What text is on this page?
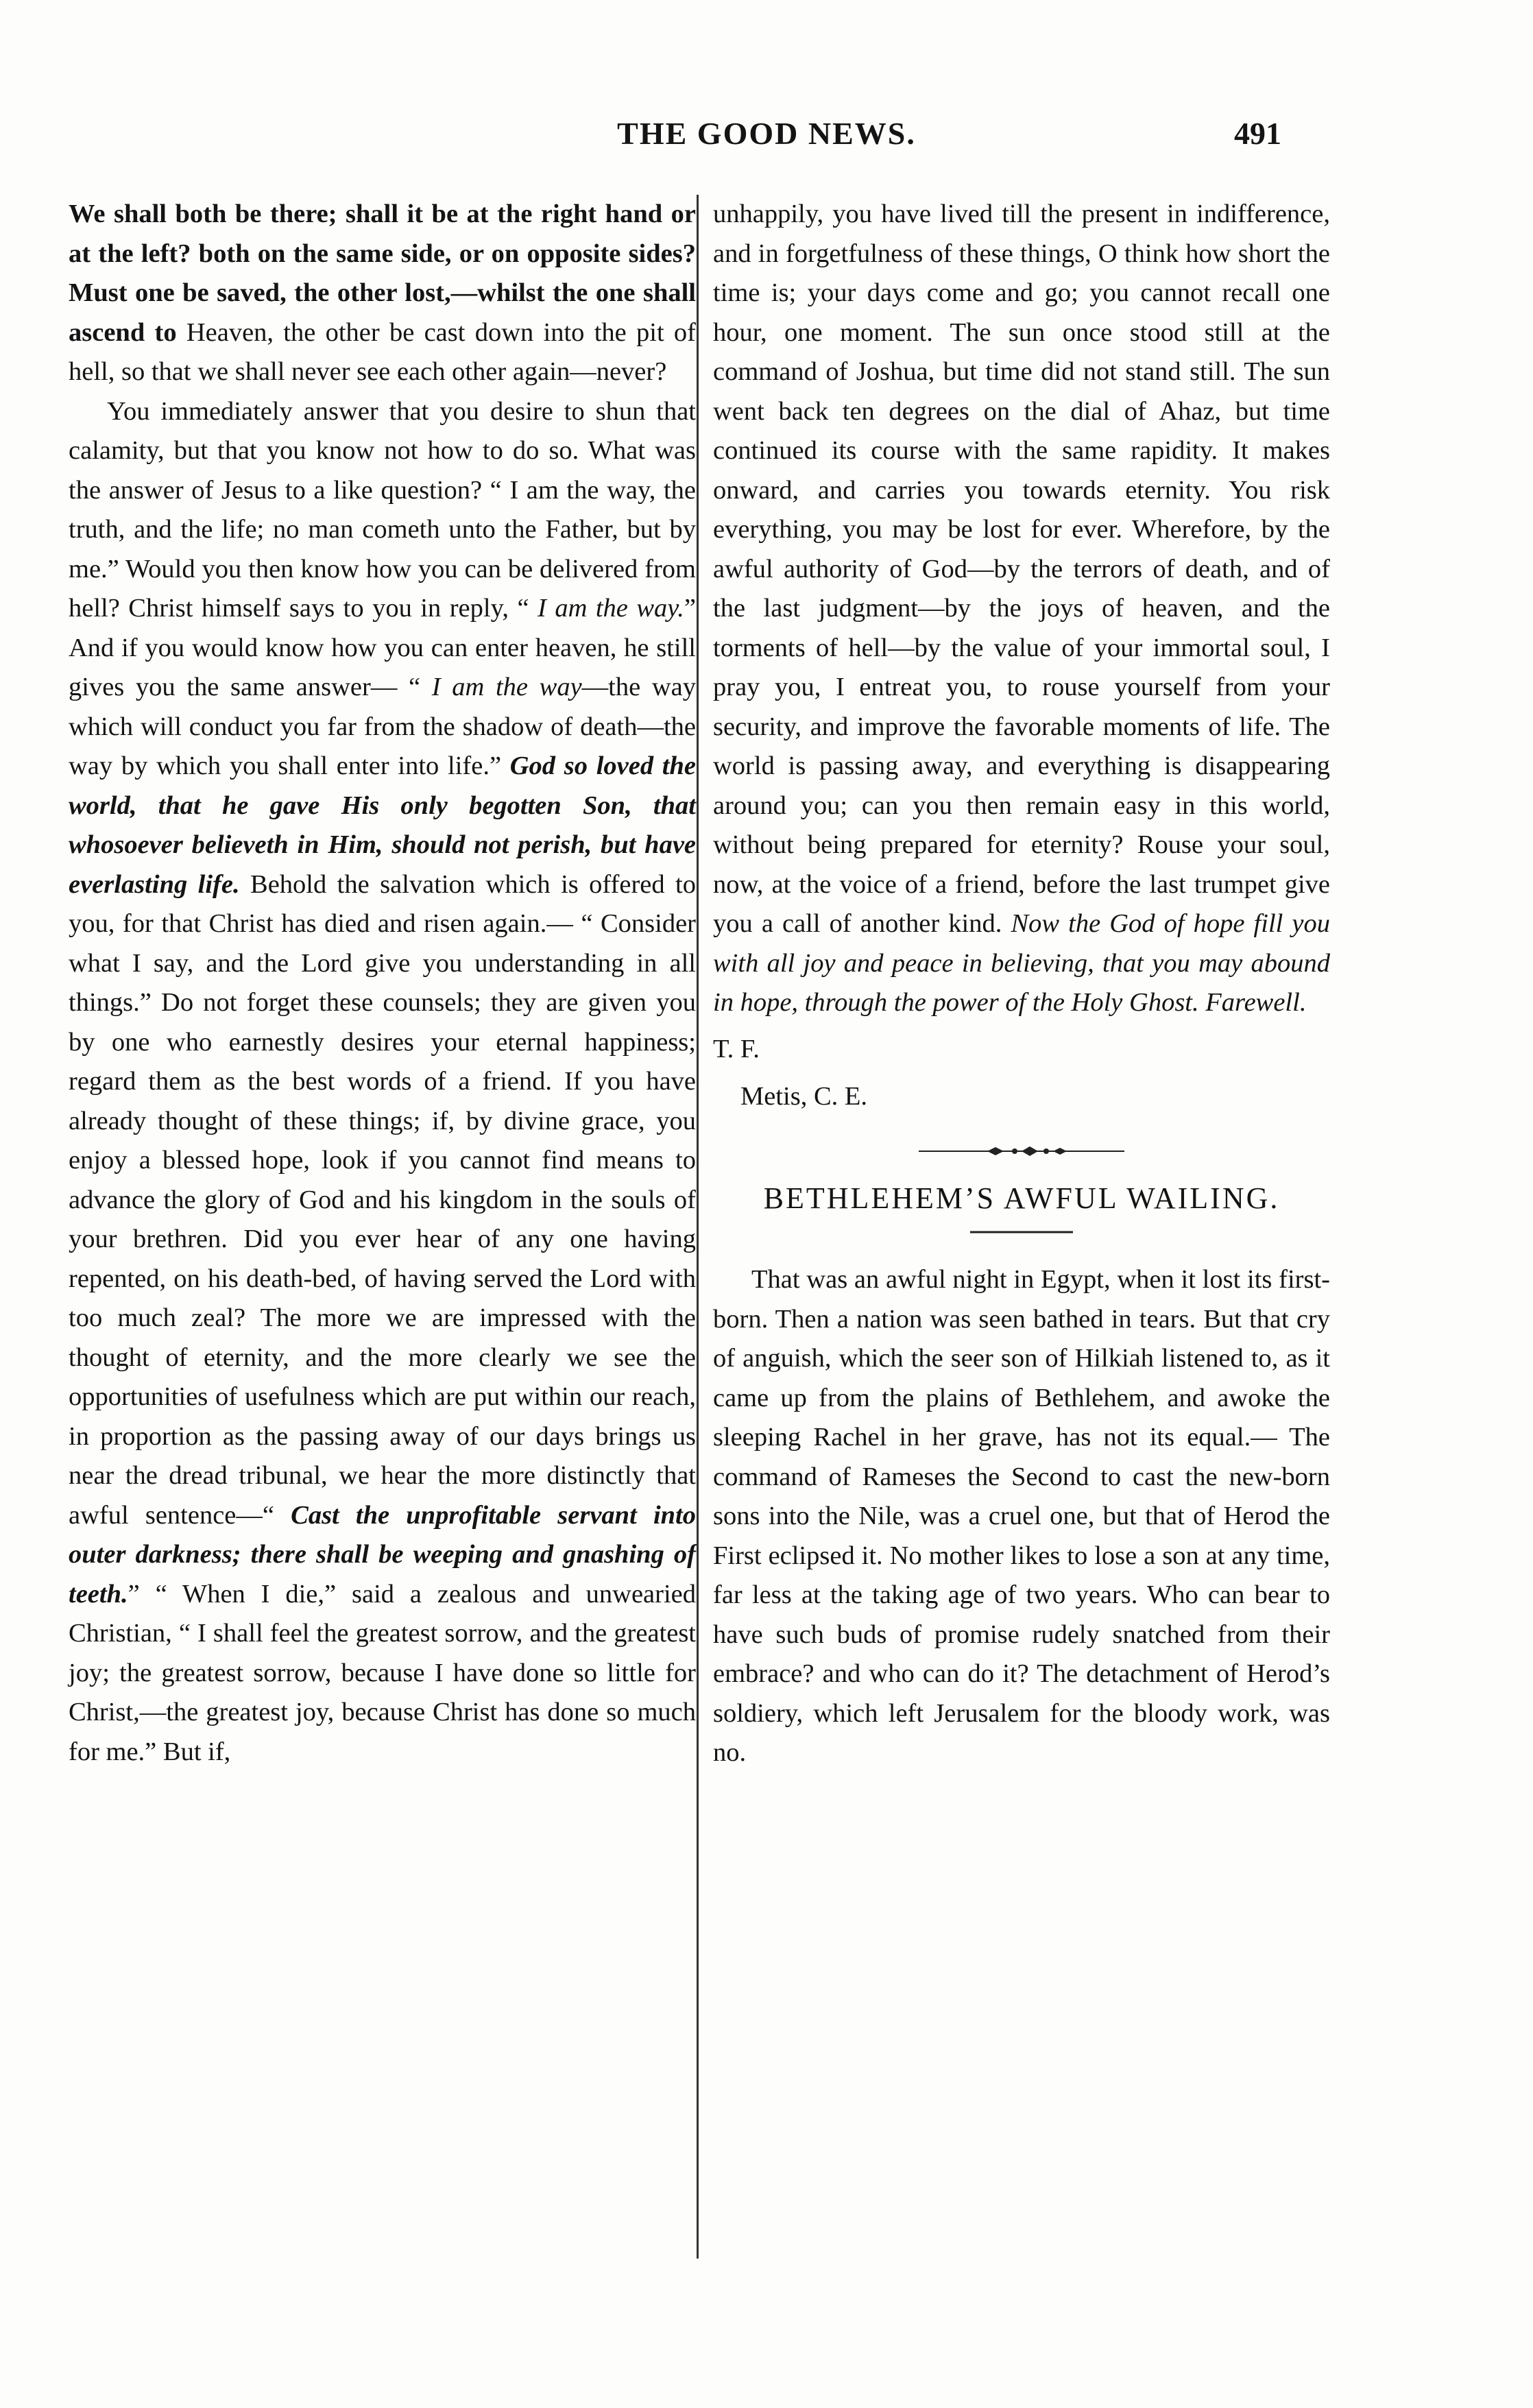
THE GOOD NEWS.	491

We shall both be there; shall it be at the right hand or at the left? both on the same side, or on opposite sides? Must one be saved, the other lost,—whilst the one shall ascend to Heaven, the other be cast down into the pit of hell, so that we shall never see each other again—never?

You immediately answer that you desire to shun that calamity, but that you know not how to do so. What was the answer of Jesus to a like question? “ I am the way, the truth, and the life; no man cometh unto the Father, but by me.” Would you then know how you can be delivered from hell? Christ himself says to you in reply, “ I am the way.” And if you would know how you can enter heaven, he still gives you the same answer— “ I am the way—the way which will conduct you far from the shadow of death—the way by which you shall enter into life.” God so loved the world, that he gave His only begotten Son, that whosoever believeth in Him, should not perish, but have everlasting life. Behold the salvation which is offered to you, for that Christ has died and risen again.— “ Consider what I say, and the Lord give you understanding in all things.” Do not forget these counsels; they are given you by one who earnestly desires your eternal happiness; regard them as the best words of a friend. If you have already thought of these things; if, by divine grace, you enjoy a blessed hope, look if you cannot find means to advance the glory of God and his kingdom in the souls of your brethren. Did you ever hear of any one having repented, on his death-bed, of having served the Lord with too much zeal? The more we are impressed with the thought of eternity, and the more clearly we see the opportunities of usefulness which are put within our reach, in proportion as the passing away of our days brings us near the dread tribunal, we hear the more distinctly that awful sentence—“ Cast the unprofitable servant into outer darkness; there shall be weeping and gnashing of teeth.” “ When I die,” said a zealous and unwearied Christian, “ I shall feel the greatest sorrow, and the greatest joy; the greatest sorrow, because I have done so little for Christ,—the greatest joy, because Christ has done so much for me.” But if,

unhappily, you have lived till the present in indifference, and in forgetfulness of these things, O think how short the time is; your days come and go; you cannot recall one hour, one moment. The sun once stood still at the command of Joshua, but time did not stand still. The sun went back ten degrees on the dial of Ahaz, but time continued its course with the same rapidity. It makes onward, and carries you towards eternity. You risk everything, you may be lost for ever. Wherefore, by the awful authority of God—by the terrors of death, and of the last judgment—by the joys of heaven, and the torments of hell—by the value of your immortal soul, I pray you, I entreat you, to rouse yourself from your security, and improve the favorable moments of life. The world is passing away, and everything is disappearing around you; can you then remain easy in this world, without being prepared for eternity? Rouse your soul, now, at the voice of a friend, before the last trumpet give you a call of another kind. Now the God of hope fill you with all joy and peace in believing, that you may abound in hope, through the power of the Holy Ghost. Farewell.

T. F.

Metis, C. E.

BETHLEHEM’S AWFUL WAILING.

That was an awful night in Egypt, when it lost its first-born. Then a nation was seen bathed in tears. But that cry of anguish, which the seer son of Hilkiah listened to, as it came up from the plains of Bethlehem, and awoke the sleeping Rachel in her grave, has not its equal.— The command of Rameses the Second to cast the new-born sons into the Nile, was a cruel one, but that of Herod the First eclipsed it. No mother likes to lose a son at any time, far less at the taking age of two years. Who can bear to have such buds of promise rudely snatched from their embrace? and who can do it? The detachment of Herod’s soldiery, which left Jerusalem for the bloody work, was no.
